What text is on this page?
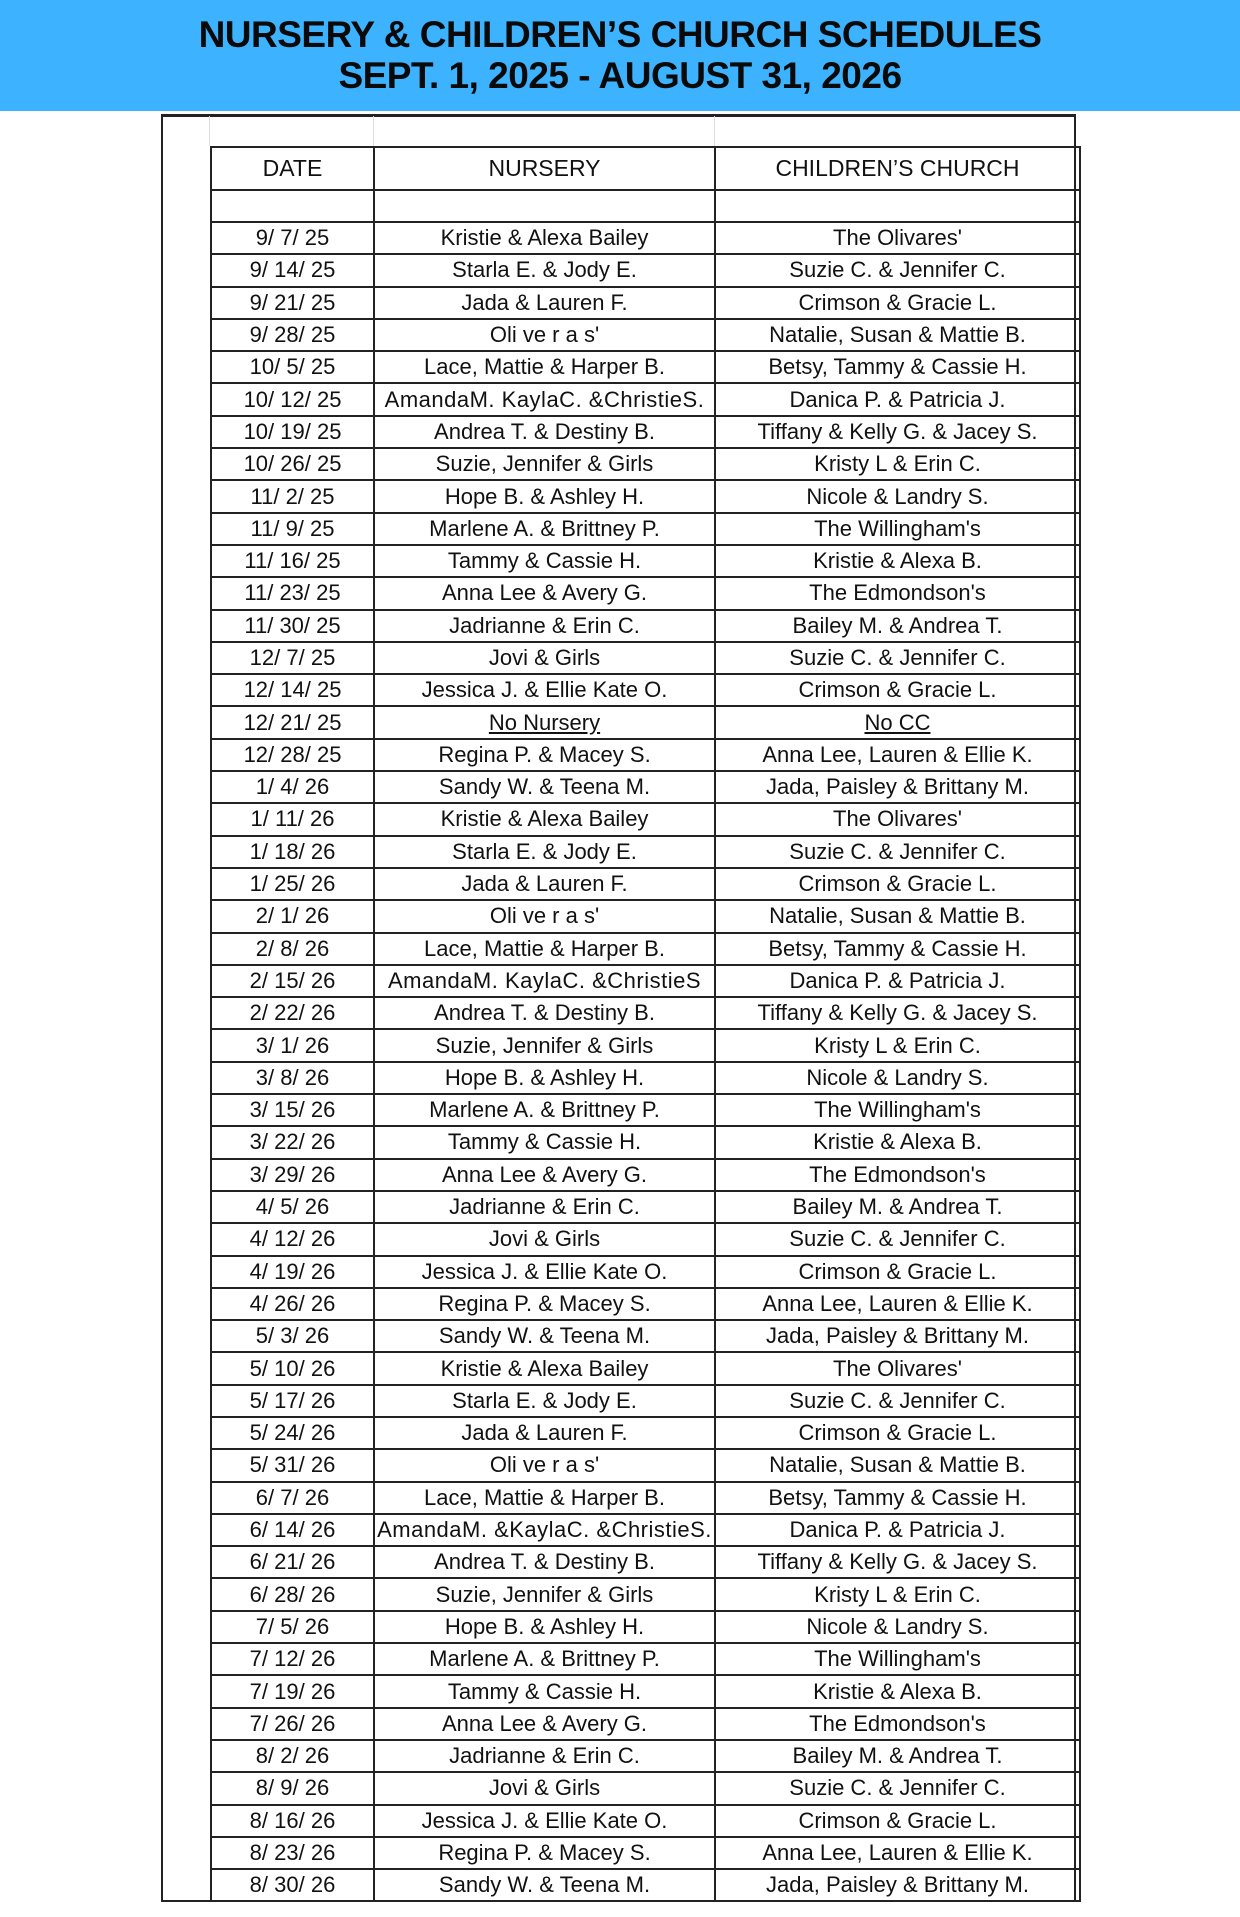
NURSERY & CHILDREN’S CHURCH SCHEDULES
SEPT. 1, 2025 - AUGUST 31, 2026
DATE	NURSERY	CHILDREN’S CHURCH

9/ 7/ 25	Kristie & Alexa Bailey	The Olivares'
9/ 14/ 25	Starla E. & Jody E.	Suzie C. & Jennifer C.
9/ 21/ 25	Jada & Lauren F.	Crimson & Gracie L.
9/ 28/ 25	Oli ve r a s'	Natalie, Susan & Mattie B.
10/ 5/ 25	Lace, Mattie & Harper B.	Betsy, Tammy & Cassie H.
10/ 12/ 25	AmandaM. KaylaC. &ChristieS.	Danica P. & Patricia J.
10/ 19/ 25	Andrea T. & Destiny B.	Tiffany & Kelly G. & Jacey S.
10/ 26/ 25	Suzie, Jennifer & Girls	Kristy L & Erin C.
11/ 2/ 25	Hope B. & Ashley H.	Nicole & Landry S.
11/ 9/ 25	Marlene A. & Brittney P.	The Willingham's
11/ 16/ 25	Tammy & Cassie H.	Kristie & Alexa B.
11/ 23/ 25	Anna Lee & Avery G.	The Edmondson's
11/ 30/ 25	Jadrianne & Erin C.	Bailey M. & Andrea T.
12/ 7/ 25	Jovi & Girls	Suzie C. & Jennifer C.
12/ 14/ 25	Jessica J. & Ellie Kate O.	Crimson & Gracie L.
12/ 21/ 25	No Nursery	No CC
12/ 28/ 25	Regina P. & Macey S.	Anna Lee, Lauren & Ellie K.
1/ 4/ 26	Sandy W. & Teena M.	Jada, Paisley & Brittany M.
1/ 11/ 26	Kristie & Alexa Bailey	The Olivares'
1/ 18/ 26	Starla E. & Jody E.	Suzie C. & Jennifer C.
1/ 25/ 26	Jada & Lauren F.	Crimson & Gracie L.
2/ 1/ 26	Oli ve r a s'	Natalie, Susan & Mattie B.
2/ 8/ 26	Lace, Mattie & Harper B.	Betsy, Tammy & Cassie H.
2/ 15/ 26	AmandaM. KaylaC. &ChristieS	Danica P. & Patricia J.
2/ 22/ 26	Andrea T. & Destiny B.	Tiffany & Kelly G. & Jacey S.
3/ 1/ 26	Suzie, Jennifer & Girls	Kristy L & Erin C.
3/ 8/ 26	Hope B. & Ashley H.	Nicole & Landry S.
3/ 15/ 26	Marlene A. & Brittney P.	The Willingham's
3/ 22/ 26	Tammy & Cassie H.	Kristie & Alexa B.
3/ 29/ 26	Anna Lee & Avery G.	The Edmondson's
4/ 5/ 26	Jadrianne & Erin C.	Bailey M. & Andrea T.
4/ 12/ 26	Jovi & Girls	Suzie C. & Jennifer C.
4/ 19/ 26	Jessica J. & Ellie Kate O.	Crimson & Gracie L.
4/ 26/ 26	Regina P. & Macey S.	Anna Lee, Lauren & Ellie K.
5/ 3/ 26	Sandy W. & Teena M.	Jada, Paisley & Brittany M.
5/ 10/ 26	Kristie & Alexa Bailey	The Olivares'
5/ 17/ 26	Starla E. & Jody E.	Suzie C. & Jennifer C.
5/ 24/ 26	Jada & Lauren F.	Crimson & Gracie L.
5/ 31/ 26	Oli ve r a s'	Natalie, Susan & Mattie B.
6/ 7/ 26	Lace, Mattie & Harper B.	Betsy, Tammy & Cassie H.
6/ 14/ 26	AmandaM. &KaylaC. &ChristieS.	Danica P. & Patricia J.
6/ 21/ 26	Andrea T. & Destiny B.	Tiffany & Kelly G. & Jacey S.
6/ 28/ 26	Suzie, Jennifer & Girls	Kristy L & Erin C.
7/ 5/ 26	Hope B. & Ashley H.	Nicole & Landry S.
7/ 12/ 26	Marlene A. & Brittney P.	The Willingham's
7/ 19/ 26	Tammy & Cassie H.	Kristie & Alexa B.
7/ 26/ 26	Anna Lee & Avery G.	The Edmondson's
8/ 2/ 26	Jadrianne & Erin C.	Bailey M. & Andrea T.
8/ 9/ 26	Jovi & Girls	Suzie C. & Jennifer C.
8/ 16/ 26	Jessica J. & Ellie Kate O.	Crimson & Gracie L.
8/ 23/ 26	Regina P. & Macey S.	Anna Lee, Lauren & Ellie K.
8/ 30/ 26	Sandy W. & Teena M.	Jada, Paisley & Brittany M.
